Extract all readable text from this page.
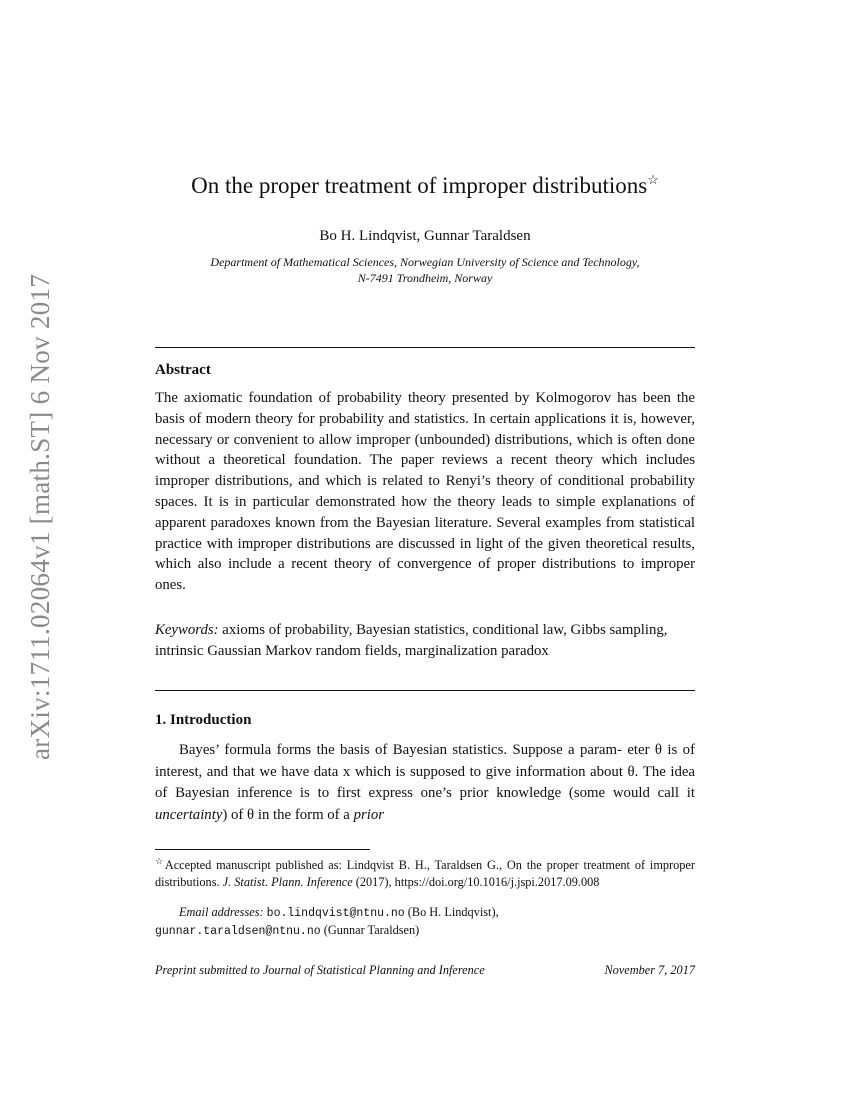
arXiv:1711.02064v1 [math.ST] 6 Nov 2017
On the proper treatment of improper distributions☆
Bo H. Lindqvist, Gunnar Taraldsen
Department of Mathematical Sciences, Norwegian University of Science and Technology,
N-7491 Trondheim, Norway
Abstract
The axiomatic foundation of probability theory presented by Kolmogorov has been the basis of modern theory for probability and statistics. In certain applications it is, however, necessary or convenient to allow improper (unbounded) distributions, which is often done without a theoretical foundation. The paper reviews a recent theory which includes improper distributions, and which is related to Renyi’s theory of conditional probability spaces. It is in particular demonstrated how the theory leads to simple explanations of apparent paradoxes known from the Bayesian literature. Several examples from statistical practice with improper distributions are discussed in light of the given theoretical results, which also include a recent theory of convergence of proper distributions to improper ones.
Keywords: axioms of probability, Bayesian statistics, conditional law, Gibbs sampling, intrinsic Gaussian Markov random fields, marginalization paradox
1. Introduction
Bayes’ formula forms the basis of Bayesian statistics. Suppose a param- eter θ is of interest, and that we have data x which is supposed to give information about θ. The idea of Bayesian inference is to first express one’s prior knowledge (some would call it uncertainty) of θ in the form of a prior
☆Accepted manuscript published as: Lindqvist B. H., Taraldsen G., On the proper treatment of improper distributions. J. Statist. Plann. Inference (2017), https://doi.org/10.1016/j.jspi.2017.09.008
Email addresses: bo.lindqvist@ntnu.no (Bo H. Lindqvist),
gunnar.taraldsen@ntnu.no (Gunnar Taraldsen)
Preprint submitted to Journal of Statistical Planning and Inference	November 7, 2017
